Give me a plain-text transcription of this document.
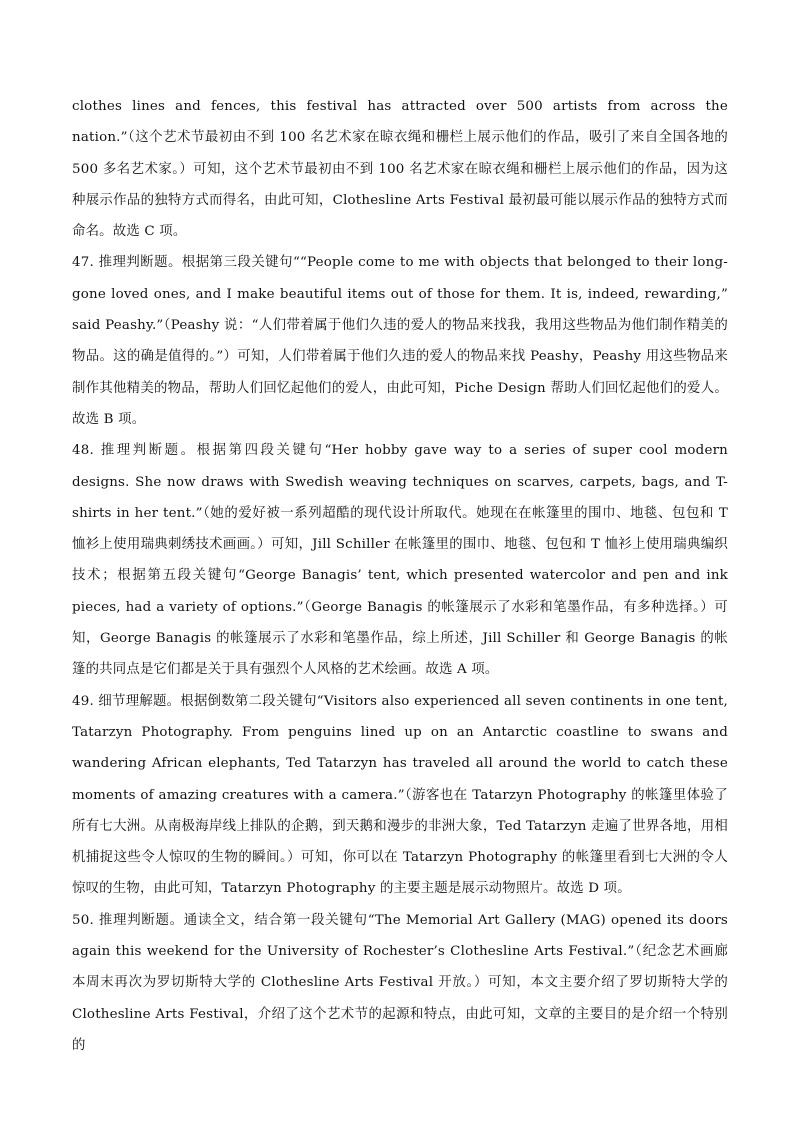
clothes lines and fences, this festival has attracted over 500 artists from across the nation.”（这个艺术节最初由不到 100 名艺术家在晾衣绳和栅栏上展示他们的作品，吸引了来自全国各地的 500 多名艺术家。）可知，这个艺术节最初由不到 100 名艺术家在晾衣绳和栅栏上展示他们的作品，因为这种展示作品的独特方式而得名，由此可知，Clothesline Arts Festival 最初最可能以展示作品的独特方式而命名。故选 C 项。

47. 推理判断题。根据第三段关键句““People come to me with objects that belonged to their long-gone loved ones, and I make beautiful items out of those for them. It is, indeed, rewarding,” said Peashy.”（Peashy 说：“人们带着属于他们久违的爱人的物品来找我，我用这些物品为他们制作精美的物品。这的确是值得的。”）可知，人们带着属于他们久违的爱人的物品来找 Peashy，Peashy 用这些物品来制作其他精美的物品，帮助人们回忆起他们的爱人，由此可知，Piche Design 帮助人们回忆起他们的爱人。故选 B 项。

48. 推理判断题。根据第四段关键句“Her hobby gave way to a series of super cool modern designs. She now draws with Swedish weaving techniques on scarves, carpets, bags, and T-shirts in her tent.”（她的爱好被一系列超酷的现代设计所取代。她现在在帐篷里的围巾、地毯、包包和 T 恤衫上使用瑞典刺绣技术画画。）可知，Jill Schiller 在帐篷里的围巾、地毯、包包和 T 恤衫上使用瑞典编织技术；根据第五段关键句“George Banagis’ tent, which presented watercolor and pen and ink pieces, had a variety of options.”（George Banagis 的帐篷展示了水彩和笔墨作品，有多种选择。）可知，George Banagis 的帐篷展示了水彩和笔墨作品，综上所述，Jill Schiller 和 George Banagis 的帐篷的共同点是它们都是关于具有强烈个人风格的艺术绘画。故选 A 项。

49. 细节理解题。根据倒数第二段关键句“Visitors also experienced all seven continents in one tent, Tatarzyn Photography. From penguins lined up on an Antarctic coastline to swans and wandering African elephants, Ted Tatarzyn has traveled all around the world to catch these moments of amazing creatures with a camera.”（游客也在 Tatarzyn Photography 的帐篷里体验了所有七大洲。从南极海岸线上排队的企鹅，到天鹅和漫步的非洲大象，Ted Tatarzyn 走遍了世界各地，用相机捕捉这些令人惊叹的生物的瞬间。）可知，你可以在 Tatarzyn Photography 的帐篷里看到七大洲的令人惊叹的生物，由此可知，Tatarzyn Photography 的主要主题是展示动物照片。故选 D 项。

50. 推理判断题。通读全文，结合第一段关键句“The Memorial Art Gallery (MAG) opened its doors again this weekend for the University of Rochester’s Clothesline Arts Festival.”（纪念艺术画廊本周末再次为罗切斯特大学的 Clothesline Arts Festival 开放。）可知，本文主要介绍了罗切斯特大学的 Clothesline Arts Festival，介绍了这个艺术节的起源和特点，由此可知，文章的主要目的是介绍一个特别的
